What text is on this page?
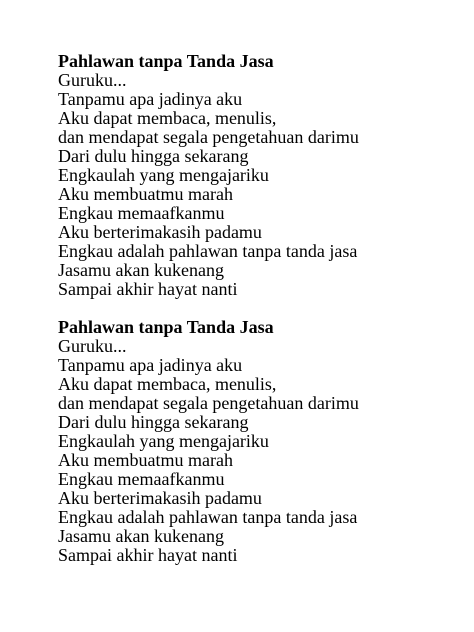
Pahlawan tanpa Tanda Jasa

Guruku...

Tanpamu apa jadinya aku

Aku dapat membaca, menulis,

dan mendapat segala pengetahuan darimu

Dari dulu hingga sekarang

Engkaulah yang mengajariku

Aku membuatmu marah

Engkau memaafkanmu

Aku berterimakasih padamu

Engkau adalah pahlawan tanpa tanda jasa

Jasamu akan kukenang

Sampai akhir hayat nanti

Pahlawan tanpa Tanda Jasa

Guruku...

Tanpamu apa jadinya aku

Aku dapat membaca, menulis,

dan mendapat segala pengetahuan darimu

Dari dulu hingga sekarang

Engkaulah yang mengajariku

Aku membuatmu marah

Engkau memaafkanmu

Aku berterimakasih padamu

Engkau adalah pahlawan tanpa tanda jasa

Jasamu akan kukenang

Sampai akhir hayat nanti
